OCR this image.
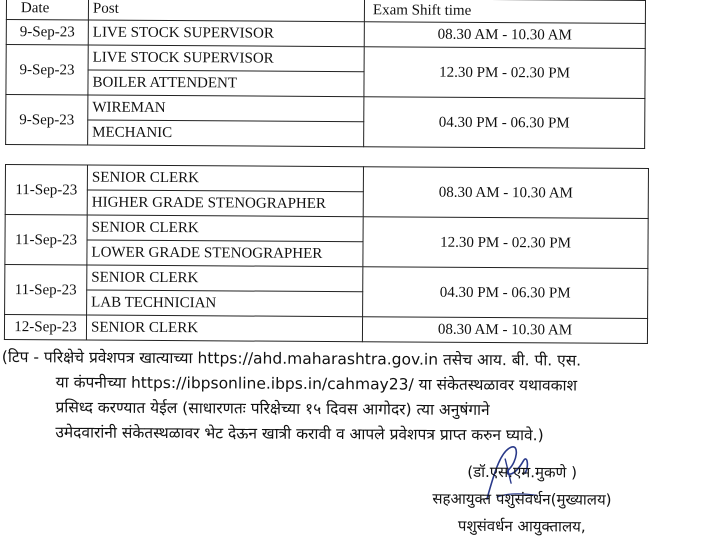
Date	Post	Exam Shift time
9-Sep-23	LIVE STOCK SUPERVISOR	08.30 AM - 10.30 AM
9-Sep-23	LIVE STOCK SUPERVISOR	12.30 PM - 02.30 PM
	BOILER ATTENDENT	
9-Sep-23	WIREMAN	04.30 PM - 06.30 PM
	MECHANIC	
11-Sep-23	SENIOR CLERK	08.30 AM - 10.30 AM
	HIGHER GRADE STENOGRAPHER	
11-Sep-23	SENIOR CLERK	12.30 PM - 02.30 PM
	LOWER GRADE STENOGRAPHER	
11-Sep-23	SENIOR CLERK	04.30 PM - 06.30 PM
	LAB TECHNICIAN	
12-Sep-23	SENIOR CLERK	08.30 AM - 10.30 AM

(टिप - परिक्षेचे प्रवेशपत्र खात्याच्या https://ahd.maharashtra.gov.in तसेच आय. बी. पी. एस.

या कंपनीच्या https://ibpsonline.ibps.in/cahmay23/ या संकेतस्थळावर यथावकाश

प्रसिध्द करण्यात येईल (साधारणतः परिक्षेच्या १५ दिवस आगोदर) त्या अनुषंगाने

उमेदवारांनी संकेतस्थळावर भेट देऊन खात्री करावी व आपले प्रवेशपत्र प्राप्त करुन घ्यावे.)

(डॉ.एस.एम.मुकणे )

सहआयुक्त पशुसंवर्धन(मुख्यालय)

पशुसंवर्धन आयुक्तालय,
